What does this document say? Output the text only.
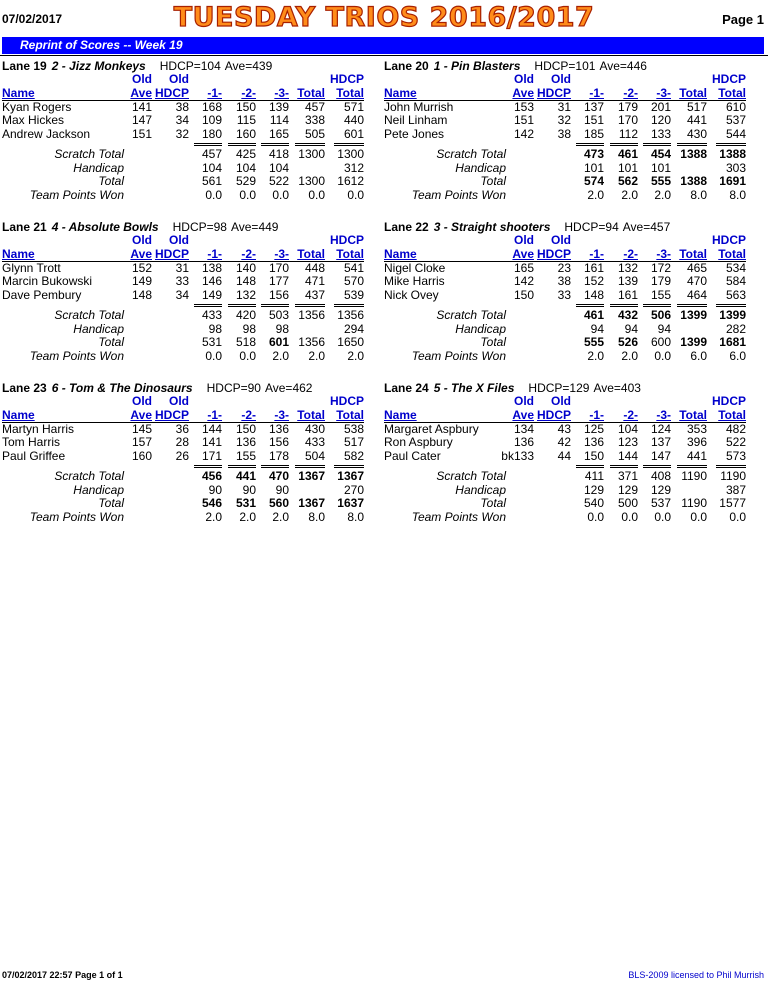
07/02/2017	TUESDAY TRIOS 2016/2017	Page 1
Reprint of Scores -- Week 19
Lane 19 2 - Jizz Monkeys HDCP=104 Ave=439
Old Old	HDCP
Name	Ave HDCP -1- -2- -3- Total Total
Kyan Rogers	141 38 168 150 139 457 571
Max Hickes	147 34 109 115 114 338 440
Andrew Jackson	151 32 180 160 165 505 601
Scratch Total	457 425 418 1300 1300
Handicap	104 104 104	312
Total	561 529 522 1300 1612
Team Points Won	0.0 0.0 0.0 0.0 0.0
Lane 20 1 - Pin Blasters HDCP=101 Ave=446
Old Old	HDCP
Name	Ave HDCP -1- -2- -3- Total Total
John Murrish	153 31 137 179 201 517 610
Neil Linham	151 32 151 170 120 441 537
Pete Jones	142 38 185 112 133 430 544
Scratch Total	473 461 454 1388 1388
Handicap	101 101 101	303
Total	574 562 555 1388 1691
Team Points Won	2.0 2.0 2.0 8.0 8.0
Lane 21 4 - Absolute Bowls HDCP=98 Ave=449
Old Old	HDCP
Name	Ave HDCP -1- -2- -3- Total Total
Glynn Trott	152 31 138 140 170 448 541
Marcin Bukowski	149 33 146 148 177 471 570
Dave Pembury	148 34 149 132 156 437 539
Scratch Total	433 420 503 1356 1356
Handicap	98 98 98	294
Total	531 518 601 1356 1650
Team Points Won	0.0 0.0 2.0 2.0 2.0
Lane 22 3 - Straight shooters HDCP=94 Ave=457
Old Old	HDCP
Name	Ave HDCP -1- -2- -3- Total Total
Nigel Cloke	165 23 161 132 172 465 534
Mike Harris	142 38 152 139 179 470 584
Nick Ovey	150 33 148 161 155 464 563
Scratch Total	461 432 506 1399 1399
Handicap	94 94 94	282
Total	555 526 600 1399 1681
Team Points Won	2.0 2.0 0.0 6.0 6.0
Lane 23 6 - Tom & The Dinosaurs HDCP=90 Ave=462
Old Old	HDCP
Name	Ave HDCP -1- -2- -3- Total Total
Martyn Harris	145 36 144 150 136 430 538
Tom Harris	157 28 141 136 156 433 517
Paul Griffee	160 26 171 155 178 504 582
Scratch Total	456 441 470 1367 1367
Handicap	90 90 90	270
Total	546 531 560 1367 1637
Team Points Won	2.0 2.0 2.0 8.0 8.0
Lane 24 5 - The X Files HDCP=129 Ave=403
Old Old	HDCP
Name	Ave HDCP -1- -2- -3- Total Total
Margaret Aspbury	134 43 125 104 124 353 482
Ron Aspbury	136 42 136 123 137 396 522
Paul Cater	bk133 44 150 144 147 441 573
Scratch Total	411 371 408 1190 1190
Handicap	129 129 129	387
Total	540 500 537 1190 1577
Team Points Won	0.0 0.0 0.0 0.0 0.0
07/02/2017 22:57 Page 1 of 1	BLS-2009 licensed to Phil Murrish
